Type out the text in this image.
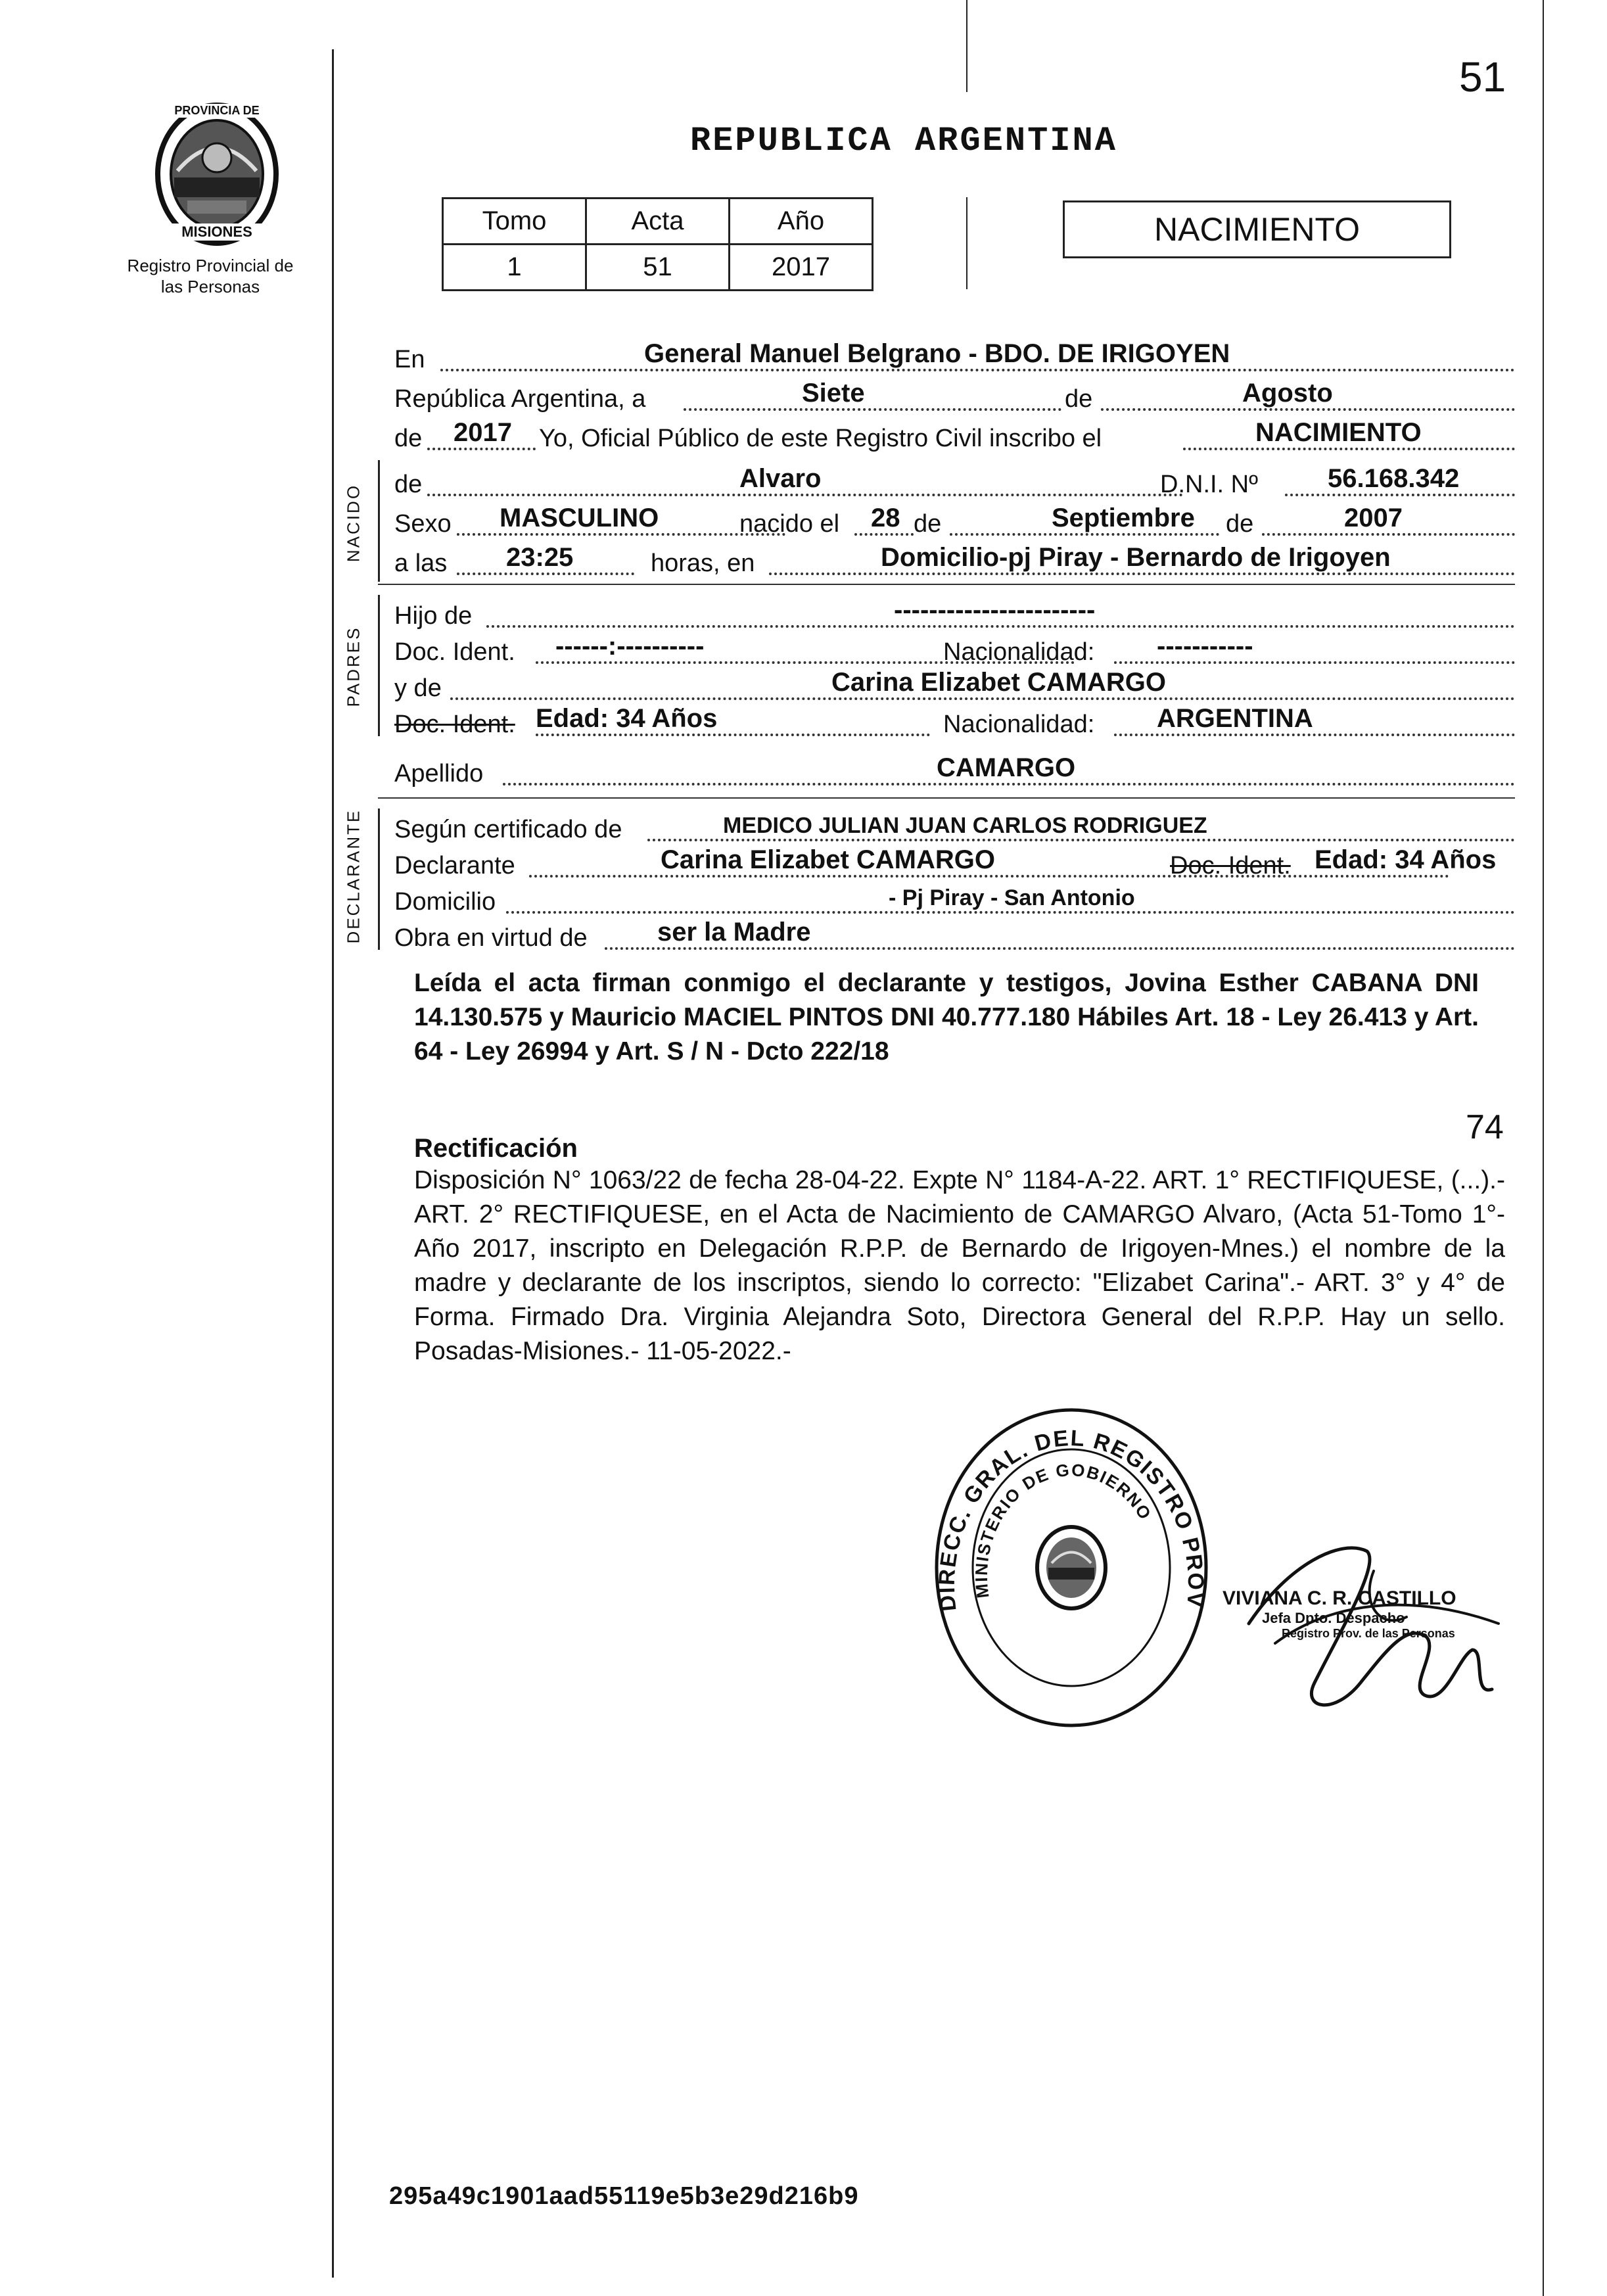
51
PROVINCIA DE
MISIONES
Registro Provincial de las Personas
REPUBLICA ARGENTINA
Tomo	Acta	Año
1	51	2017
NACIMIENTO
En	General Manuel Belgrano - BDO. DE IRIGOYEN
República Argentina, a	Siete	de	Agosto
de 2017 Yo, Oficial Público de este Registro Civil inscribo el	NACIMIENTO
NACIDO de	Alvaro	D.N.I. Nº	56.168.342
Sexo MASCULINO	nacido el 28 de	Septiembre de	2007
a las 23:25	horas, en	Domicilio-pj Piray - Bernardo de Irigoyen
PADRES
Hijo de	-----------------------
Doc. Ident. ------:----------	Nacionalidad: -----------
y de	Carina Elizabet CAMARGO
Doc. Ident. Edad: 34 Años	Nacionalidad: ARGENTINA
Apellido	CAMARGO
DECLARANTE Según certificado de	MEDICO JULIAN JUAN CARLOS RODRIGUEZ
Declarante	Carina Elizabet CAMARGO	Doc. Ident. Edad: 34 Años
Domicilio	- Pj Piray - San Antonio
Obra en virtud de	ser la Madre
Leída el acta firman conmigo el declarante y testigos, Jovina Esther CABANA DNI 14.130.575 y Mauricio MACIEL PINTOS DNI 40.777.180 Hábiles Art. 18 - Ley 26.413 y Art. 64 - Ley 26994 y Art. S / N - Dcto 222/18
74
Rectificación
Disposición N° 1063/22 de fecha 28-04-22. Expte N° 1184-A-22. ART. 1° RECTIFIQUESE, (...).- ART. 2° RECTIFIQUESE, en el Acta de Nacimiento de CAMARGO Alvaro, (Acta 51-Tomo 1°-Año 2017, inscripto en Delegación R.P.P. de Bernardo de Irigoyen-Mnes.) el nombre de la madre y declarante de los inscriptos, siendo lo correcto: "Elizabet Carina".- ART. 3° y 4° de Forma. Firmado Dra. Virginia Alejandra Soto, Directora General del R.P.P. Hay un sello. Posadas-Misiones.- 11-05-2022.-
DIRECC. GRAL. DEL REGISTRO PROV
MINISTERIO DE GOBIERNO
VIVIANA C. R. CASTILLO
Jefa Dpto. Despacho
Registro Prov. de las Personas
295a49c1901aad55119e5b3e29d216b9
